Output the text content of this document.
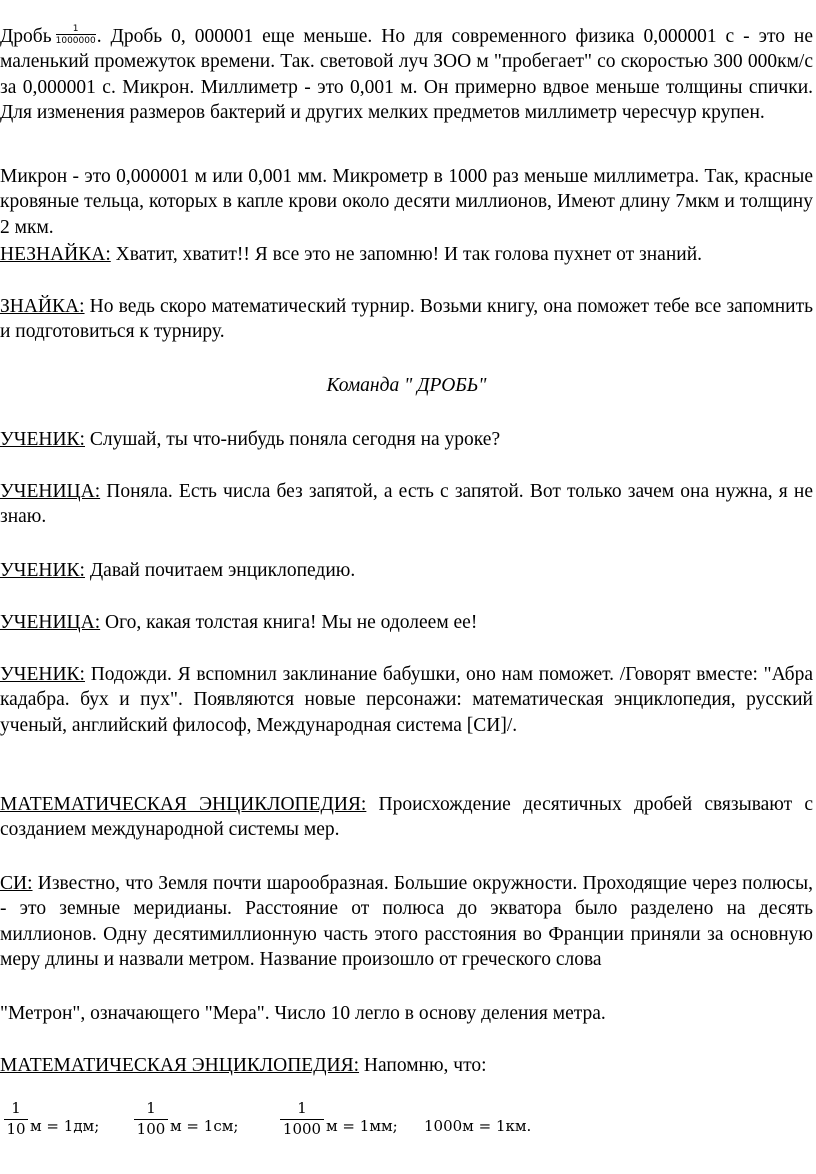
Дробь $\frac{1}{1000000}$ . Дробь 0, 000001 еще меньше. Но для современного физика 0,000001 с - это не маленький промежуток времени. Так. световой луч ЗОО м "пробегает" со скоростью 300 000км/с за 0,000001 с. Микрон. Миллиметр - это 0,001 м. Он примерно вдвое меньше толщины спички. Для изменения размеров бактерий и других мелких предметов миллиметр чересчур крупен.

Микрон - это 0,000001 м или 0,001 мм. Микрометр в 1000 раз меньше миллиметра. Так, красные кровяные тельца, которых в капле крови около десяти миллионов, Имеют длину 7мкм и толщину 2 мкм.

НЕЗНАЙКА: Хватит, хватит!! Я все это не запомню! И так голова пухнет от знаний.

ЗНАЙКА: Но ведь скоро математический турнир. Возьми книгу, она поможет тебе все запомнить и подготовиться к турниру.

Команда " ДРОБЬ"

УЧЕНИК: Слушай, ты что-нибудь поняла сегодня на уроке?

УЧЕНИЦА: Поняла. Есть числа без запятой, а есть с запятой. Вот только зачем она нужна, я не знаю.

УЧЕНИК: Давай почитаем энциклопедию.

УЧЕНИЦА: Ого, какая толстая книга! Мы не одолеем ее!

УЧЕНИК: Подожди. Я вспомнил заклинание бабушки, оно нам поможет. /Говорят вместе: "Абра кадабра. бух и пух". Появляются новые персонажи: математическая энциклопедия, русский ученый, английский философ, Международная система [СИ]/.

МАТЕМАТИЧЕСКАЯ ЭНЦИКЛОПЕДИЯ: Происхождение десятичных дробей связывают с созданием международной системы мер.

СИ: Известно, что Земля почти шарообразная. Большие окружности. Проходящие через полюсы, - это земные меридианы. Расстояние от полюса до экватора было разделено на десять миллионов. Одну десятимиллионную часть этого расстояния во Франции приняли за основную меру длины и назвали метром. Название произошло от греческого слова

"Метрон", означающего "Мера". Число 10 легло в основу деления метра.

МАТЕМАТИЧЕСКАЯ ЭНЦИКЛОПЕДИЯ: Напомню, что:

$\frac{1}{10}$ м = 1дм; $\frac{1}{100}$ м = 1см;	$\frac{1}{1000}$ м = 1мм; 1000м = 1км.
